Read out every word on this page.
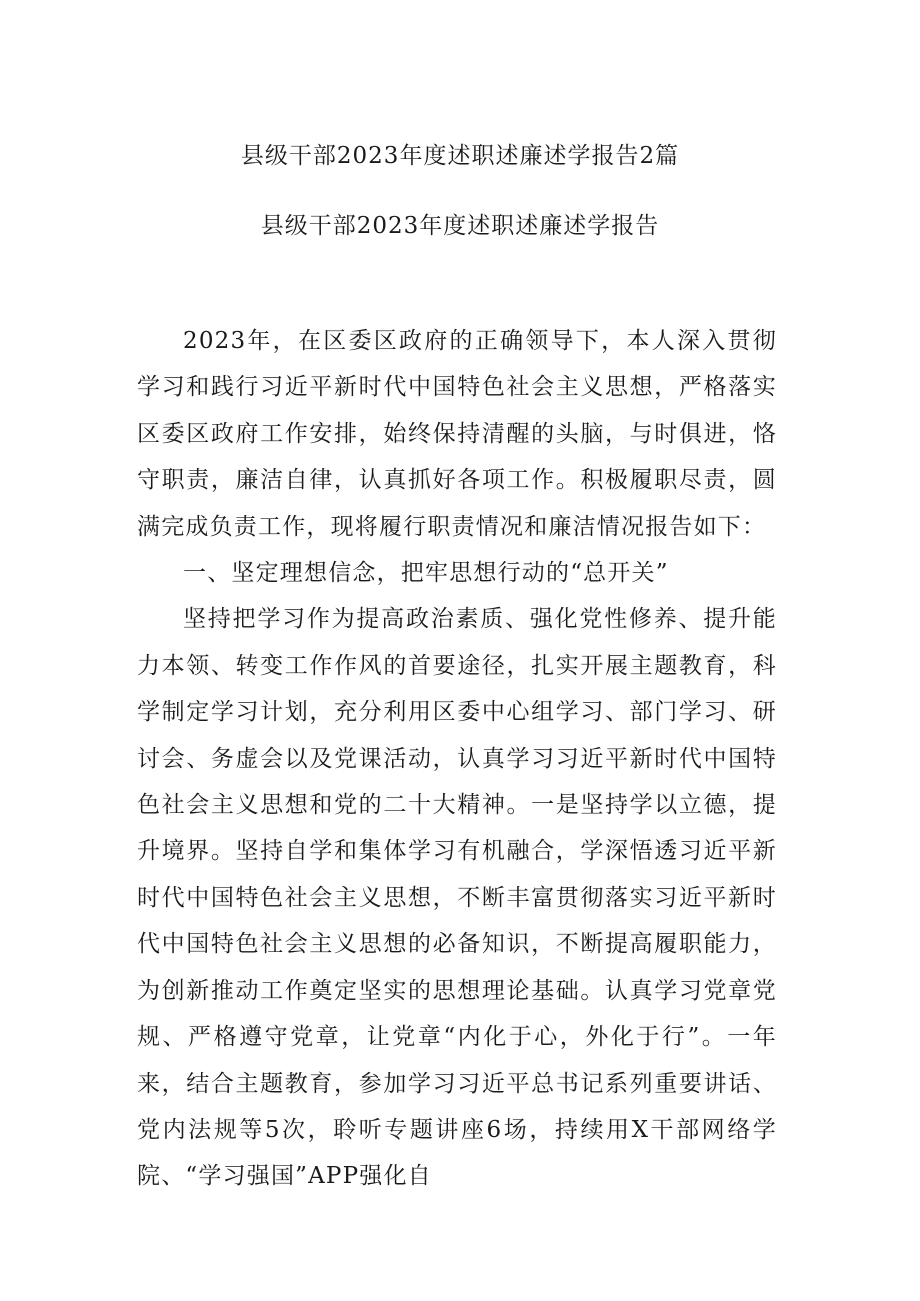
县级干部2023年度述职述廉述学报告2篇
县级干部2023年度述职述廉述学报告

2023年，在区委区政府的正确领导下，本人深入贯彻学习和践行习近平新时代中国特色社会主义思想，严格落实区委区政府工作安排，始终保持清醒的头脑，与时俱进，恪守职责，廉洁自律，认真抓好各项工作。积极履职尽责，圆满完成负责工作，现将履行职责情况和廉洁情况报告如下：

一、坚定理想信念，把牢思想行动的“总开关”

坚持把学习作为提高政治素质、强化党性修养、提升能力本领、转变工作作风的首要途径，扎实开展主题教育，科学制定学习计划，充分利用区委中心组学习、部门学习、研讨会、务虚会以及党课活动，认真学习习近平新时代中国特色社会主义思想和党的二十大精神。一是坚持学以立德，提升境界。坚持自学和集体学习有机融合，学深悟透习近平新时代中国特色社会主义思想，不断丰富贯彻落实习近平新时代中国特色社会主义思想的必备知识，不断提高履职能力，为创新推动工作奠定坚实的思想理论基础。认真学习党章党规、严格遵守党章，让党章“内化于心，外化于行”。一年来，结合主题教育，参加学习习近平总书记系列重要讲话、党内法规等5次，聆听专题讲座6场，持续用X干部网络学院、“学习强国”APP强化自
